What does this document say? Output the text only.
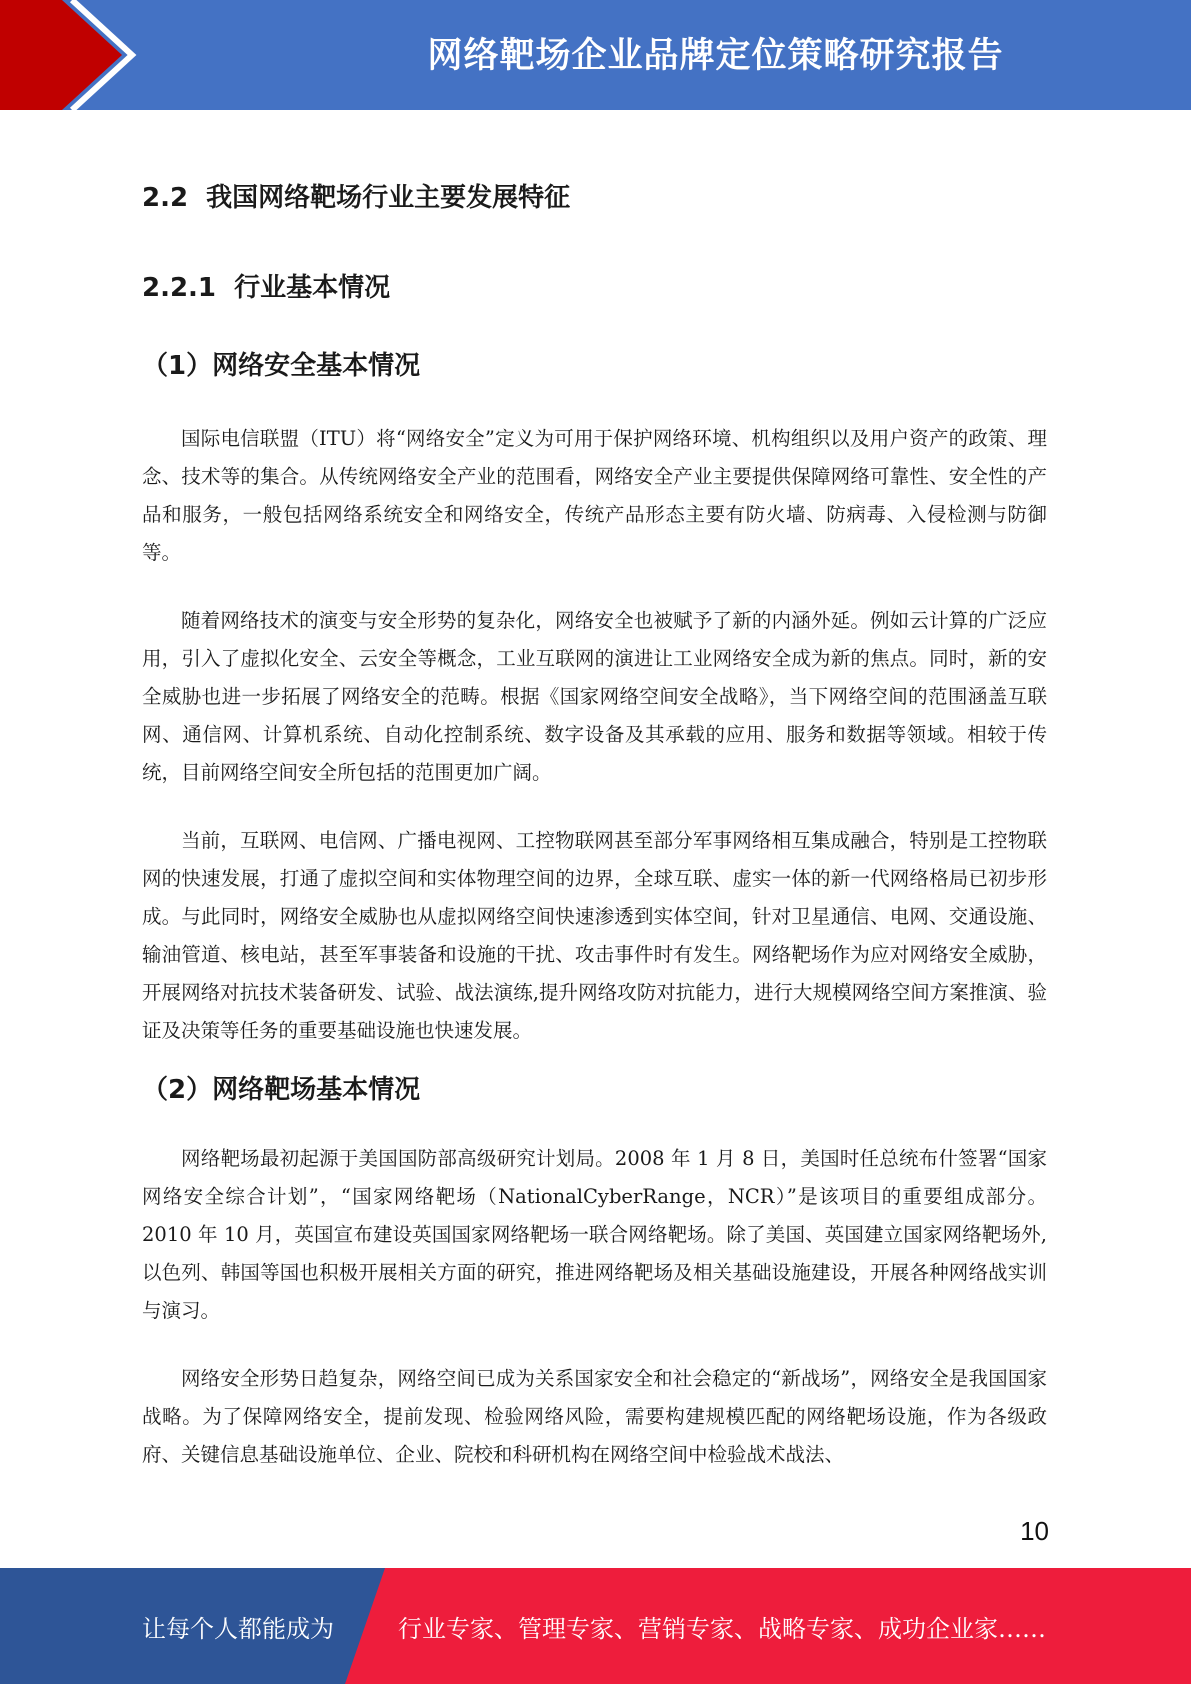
网络靶场企业品牌定位策略研究报告
2.2  我国网络靶场行业主要发展特征
2.2.1  行业基本情况
（1）网络安全基本情况

国际电信联盟（ITU）将“网络安全”定义为可用于保护网络环境、机构组织以及用户资产的政策、理念、技术等的集合。从传统网络安全产业的范围看，网络安全产业主要提供保障网络可靠性、安全性的产品和服务，一般包括网络系统安全和网络安全，传统产品形态主要有防火墙、防病毒、入侵检测与防御等。

随着网络技术的演变与安全形势的复杂化，网络安全也被赋予了新的内涵外延。例如云计算的广泛应用，引入了虚拟化安全、云安全等概念，工业互联网的演进让工业网络安全成为新的焦点。同时，新的安全威胁也进一步拓展了网络安全的范畴。根据《国家网络空间安全战略》，当下网络空间的范围涵盖互联网、通信网、计算机系统、自动化控制系统、数字设备及其承载的应用、服务和数据等领域。相较于传统，目前网络空间安全所包括的范围更加广阔。

当前，互联网、电信网、广播电视网、工控物联网甚至部分军事网络相互集成融合，特别是工控物联网的快速发展，打通了虚拟空间和实体物理空间的边界，全球互联、虚实一体的新一代网络格局已初步形成。与此同时，网络安全威胁也从虚拟网络空间快速渗透到实体空间，针对卫星通信、电网、交通设施、输油管道、核电站，甚至军事装备和设施的干扰、攻击事件时有发生。网络靶场作为应对网络安全威胁，开展网络对抗技术装备研发、试验、战法演练,提升网络攻防对抗能力，进行大规模网络空间方案推演、验证及决策等任务的重要基础设施也快速发展。

（2）网络靶场基本情况

网络靶场最初起源于美国国防部高级研究计划局。2008 年 1 月 8 日，美国时任总统布什签署“国家网络安全综合计划”，“国家网络靶场（NationalCyberRange，NCR）”是该项目的重要组成部分。2010 年 10 月，英国宣布建设英国国家网络靶场一联合网络靶场。除了美国、英国建立国家网络靶场外,以色列、韩国等国也积极开展相关方面的研究，推进网络靶场及相关基础设施建设，开展各种网络战实训与演习。

网络安全形势日趋复杂，网络空间已成为关系国家安全和社会稳定的“新战场”，网络安全是我国国家战略。为了保障网络安全，提前发现、检验网络风险，需要构建规模匹配的网络靶场设施，作为各级政府、关键信息基础设施单位、企业、院校和科研机构在网络空间中检验战术战法、

10
让每个人都能成为	行业专家、管理专家、营销专家、战略专家、成功企业家……
